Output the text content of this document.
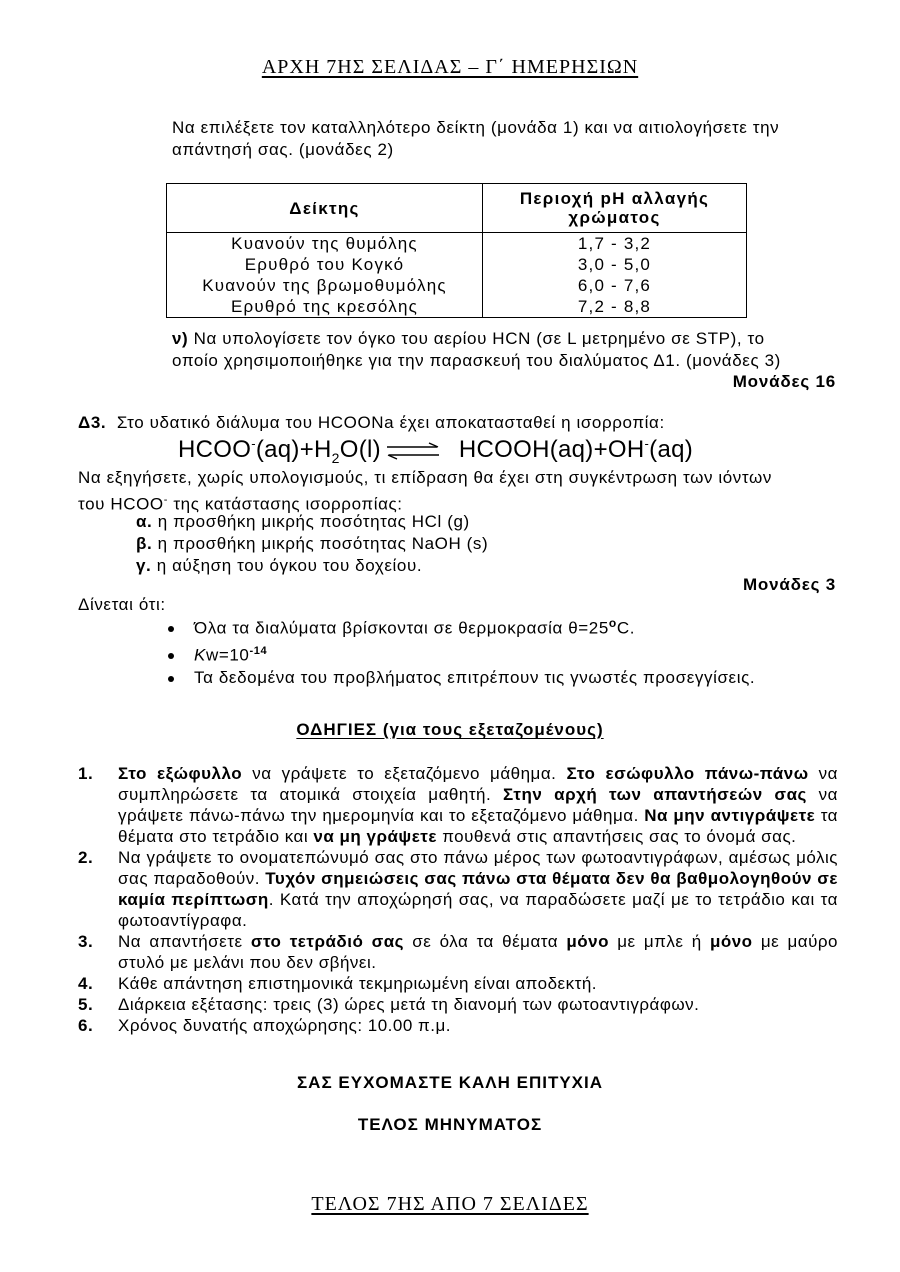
ΑΡΧΗ 7ΗΣ ΣΕΛΙΔΑΣ – Γ΄ ΗΜΕΡΗΣΙΩΝ
Να επιλέξετε τον καταλληλότερο δείκτη (μονάδα 1) και να αιτιολογήσετε την
απάντησή σας. (μονάδες 2)
Δείκτης	Περιοχή pH αλλαγής
χρώματος
Κυανούν της θυμόλης	1,7 - 3,2
Ερυθρό του Κογκό	3,0 - 5,0
Κυανούν της βρωμοθυμόλης	6,0 - 7,6
Ερυθρό της κρεσόλης	7,2 - 8,8
ν) Να υπολογίσετε τον όγκο του αερίου HCN (σε L μετρημένο σε STP), το
οποίο χρησιμοποιήθηκε για την παρασκευή του διαλύματος Δ1. (μονάδες 3)
Μονάδες 16
Δ3. Στο υδατικό διάλυμα του HCOONa έχει αποκατασταθεί η ισορροπία:
$HCOO^-(aq)+H_2O(l)$ ⇌ HCOOH(aq)+OH-(aq)
Να εξηγήσετε, χωρίς υπολογισμούς, τι επίδραση θα έχει στη συγκέντρωση των ιόντων
του HCOO- της κατάστασης ισορροπίας:
α. η προσθήκη μικρής ποσότητας HCl (g)
β. η προσθήκη μικρής ποσότητας NaOH (s)
γ. η αύξηση του όγκου του δοχείου.
Μονάδες 3
Δίνεται ότι:
Όλα τα διαλύματα βρίσκονται σε θερμοκρασία $\theta=25^oC$.
$Kw=10^{-14}$
Τα δεδομένα του προβλήματος επιτρέπουν τις γνωστές προσεγγίσεις.
ΟΔΗΓΙΕΣ (για τους εξεταζομένους)
1. Στο εξώφυλλο να γράψετε το εξεταζόμενο μάθημα. Στο εσώφυλλο πάνω-πάνω να συμπληρώσετε τα ατομικά στοιχεία μαθητή. Στην αρχή των απαντήσεών σας να γράψετε πάνω-πάνω την ημερομηνία και το εξεταζόμενο μάθημα. Να μην αντιγράψετε τα θέματα στο τετράδιο και να μη γράψετε πουθενά στις απαντήσεις σας το όνομά σας.
2. Να γράψετε το ονοματεπώνυμό σας στο πάνω μέρος των φωτοαντιγράφων, αμέσως μόλις σας παραδοθούν. Τυχόν σημειώσεις σας πάνω στα θέματα δεν θα βαθμολογηθούν σε καμία περίπτωση. Κατά την αποχώρησή σας, να παραδώσετε μαζί με το τετράδιο και τα φωτοαντίγραφα.
3. Να απαντήσετε στο τετράδιό σας σε όλα τα θέματα μόνο με μπλε ή μόνο με μαύρο στυλό με μελάνι που δεν σβήνει.
4. Κάθε απάντηση επιστημονικά τεκμηριωμένη είναι αποδεκτή.
5. Διάρκεια εξέτασης: τρεις (3) ώρες μετά τη διανομή των φωτοαντιγράφων.
6. Χρόνος δυνατής αποχώρησης: 10.00 π.μ.
ΣΑΣ ΕΥΧΟΜΑΣΤΕ ΚΑΛΗ ΕΠΙΤΥΧΙΑ
ΤΕΛΟΣ ΜΗΝΥΜΑΤΟΣ
ΤΕΛΟΣ 7ΗΣ ΑΠΟ 7 ΣΕΛΙΔΕΣ
